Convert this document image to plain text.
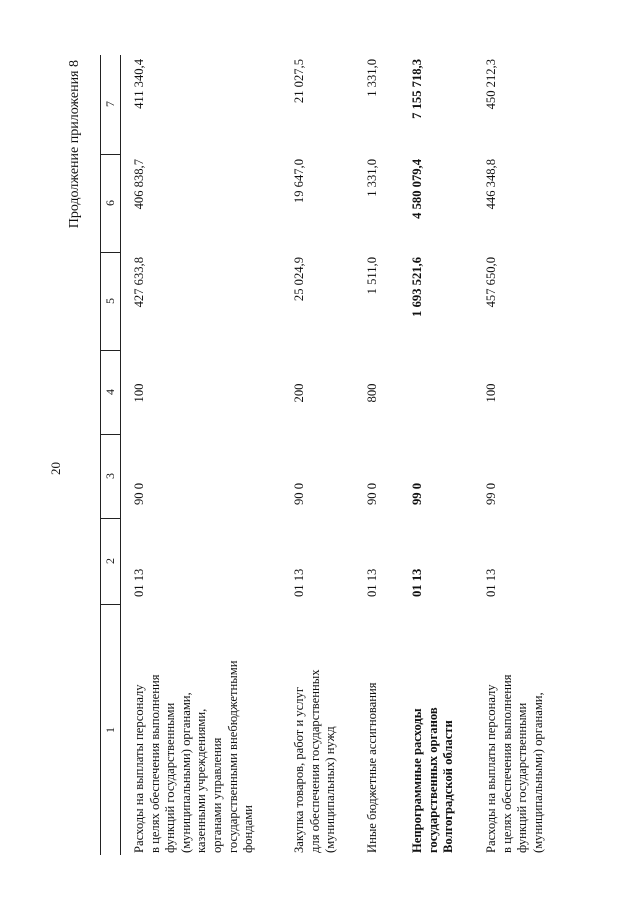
20
Продолжение приложения 8
1
2
3
4
5
6
7
Расходы на выплаты персоналу
в целях обеспечения выполнения
функций государственными
(муниципальными) органами,
казенными учреждениями,
органами управления
государственными внебюджетными
фондами
01 13
90 0
100
427 633,8
406 838,7
411 340,4
Закупка товаров, работ и услуг
для обеспечения государственных
(муниципальных) нужд
01 13
90 0
200
25 024,9
19 647,0
21 027,5
Иные бюджетные ассигнования
01 13
90 0
800
1 511,0
1 331,0
1 331,0
Непрограммные расходы
государственных органов
Волгоградской области
01 13
99 0
1 693 521,6
4 580 079,4
7 155 718,3
Расходы на выплаты персоналу
в целях обеспечения выполнения
функций государственными
(муниципальными) органами,
01 13
99 0
100
457 650,0
446 348,8
450 212,3
